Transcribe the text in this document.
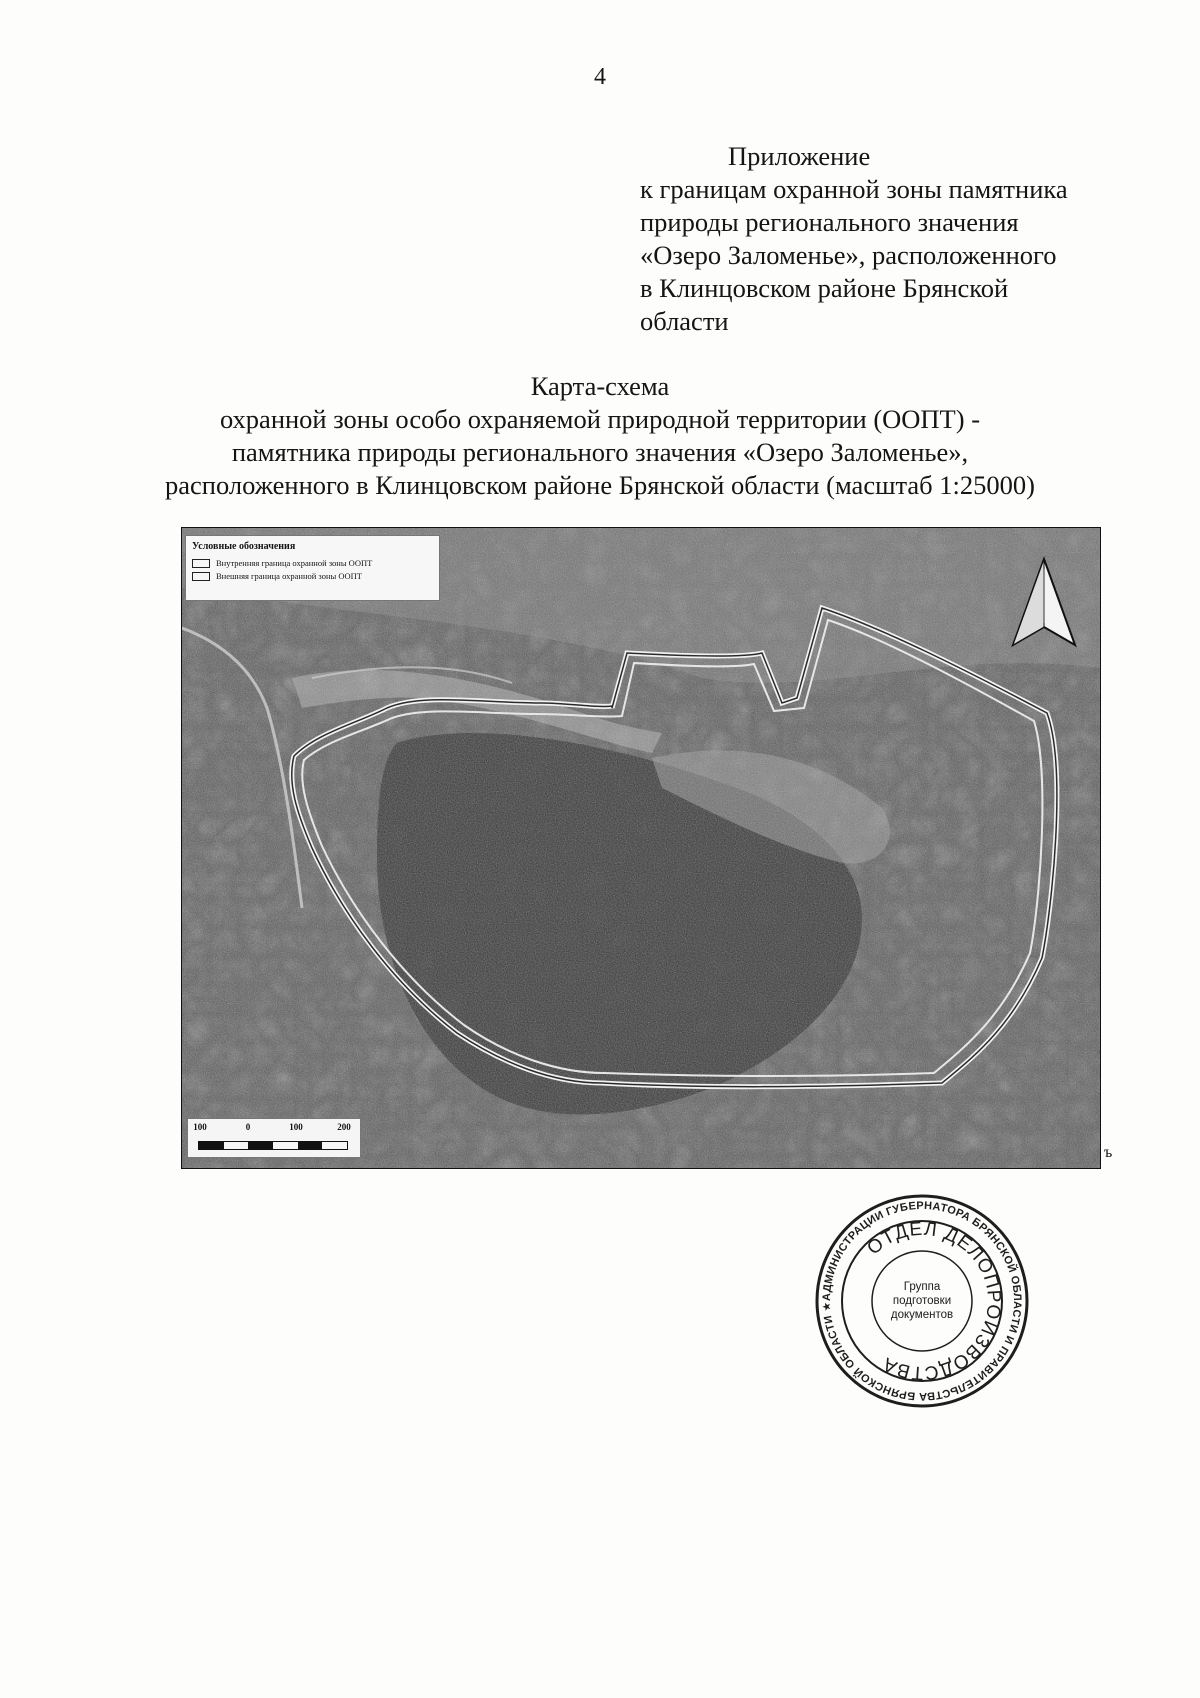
4
Приложение
к границам охранной зоны памятника
природы регионального значения
«Озеро Заломенье», расположенного
в Клинцовском районе Брянской
области
Карта-схема
охранной зоны особо охраняемой природной территории (ООПТ) -
памятника природы регионального значения «Озеро Заломенье»,
расположенного в Клинцовском районе Брянской области (масштаб 1:25000)
Условные обозначения
Внутренняя граница охранной зоны ООПТ
Внешняя граница охранной зоны ООПТ
100	0	100	200
ъ
АДМИНИСТРАЦИИ ГУБЕРНАТОРА БРЯНСКОЙ ОБЛАСТИ И ПРАВИТЕЛЬСТВА БРЯНСКОЙ ОБЛАСТИ ★
ОТДЕЛ ДЕЛОПРОИЗВОДСТВА
Группа
подготовки
документов
